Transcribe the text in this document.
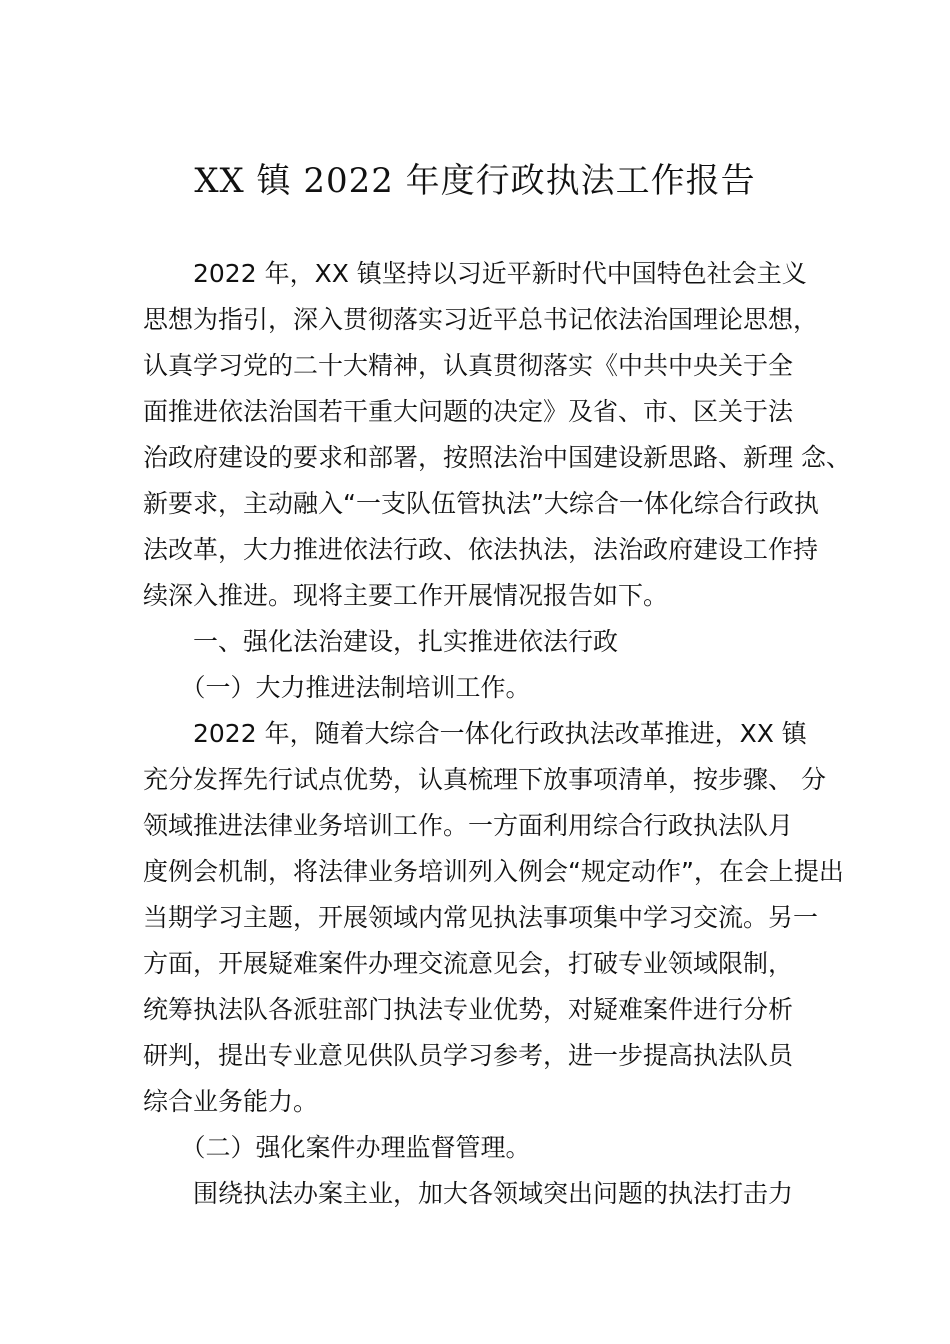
XX 镇 2022 年度行政执法工作报告
　　2022 年，XX 镇坚持以习近平新时代中国特色社会主义
思想为指引，深入贯彻落实习近平总书记依法治国理论思想，
认真学习党的二十大精神，认真贯彻落实《中共中央关于全
面推进依法治国若干重大问题的决定》及省、市、区关于法
治政府建设的要求和部署，按照法治中国建设新思路、新理 念、
新要求，主动融入“一支队伍管执法”大综合一体化综合行政执
法改革，大力推进依法行政、依法执法，法治政府建设工作持
续深入推进。现将主要工作开展情况报告如下。
　　一、强化法治建设，扎实推进依法行政
　　（一）大力推进法制培训工作。
　　2022 年，随着大综合一体化行政执法改革推进，XX 镇
充分发挥先行试点优势，认真梳理下放事项清单，按步骤、 分
领域推进法律业务培训工作。一方面利用综合行政执法队月
度例会机制，将法律业务培训列入例会“规定动作”，在会上提出
当期学习主题，开展领域内常见执法事项集中学习交流。另一
方面，开展疑难案件办理交流意见会，打破专业领域限制，
统筹执法队各派驻部门执法专业优势，对疑难案件进行分析
研判，提出专业意见供队员学习参考，进一步提高执法队员
综合业务能力。
　　（二）强化案件办理监督管理。
　　围绕执法办案主业，加大各领域突出问题的执法打击力
